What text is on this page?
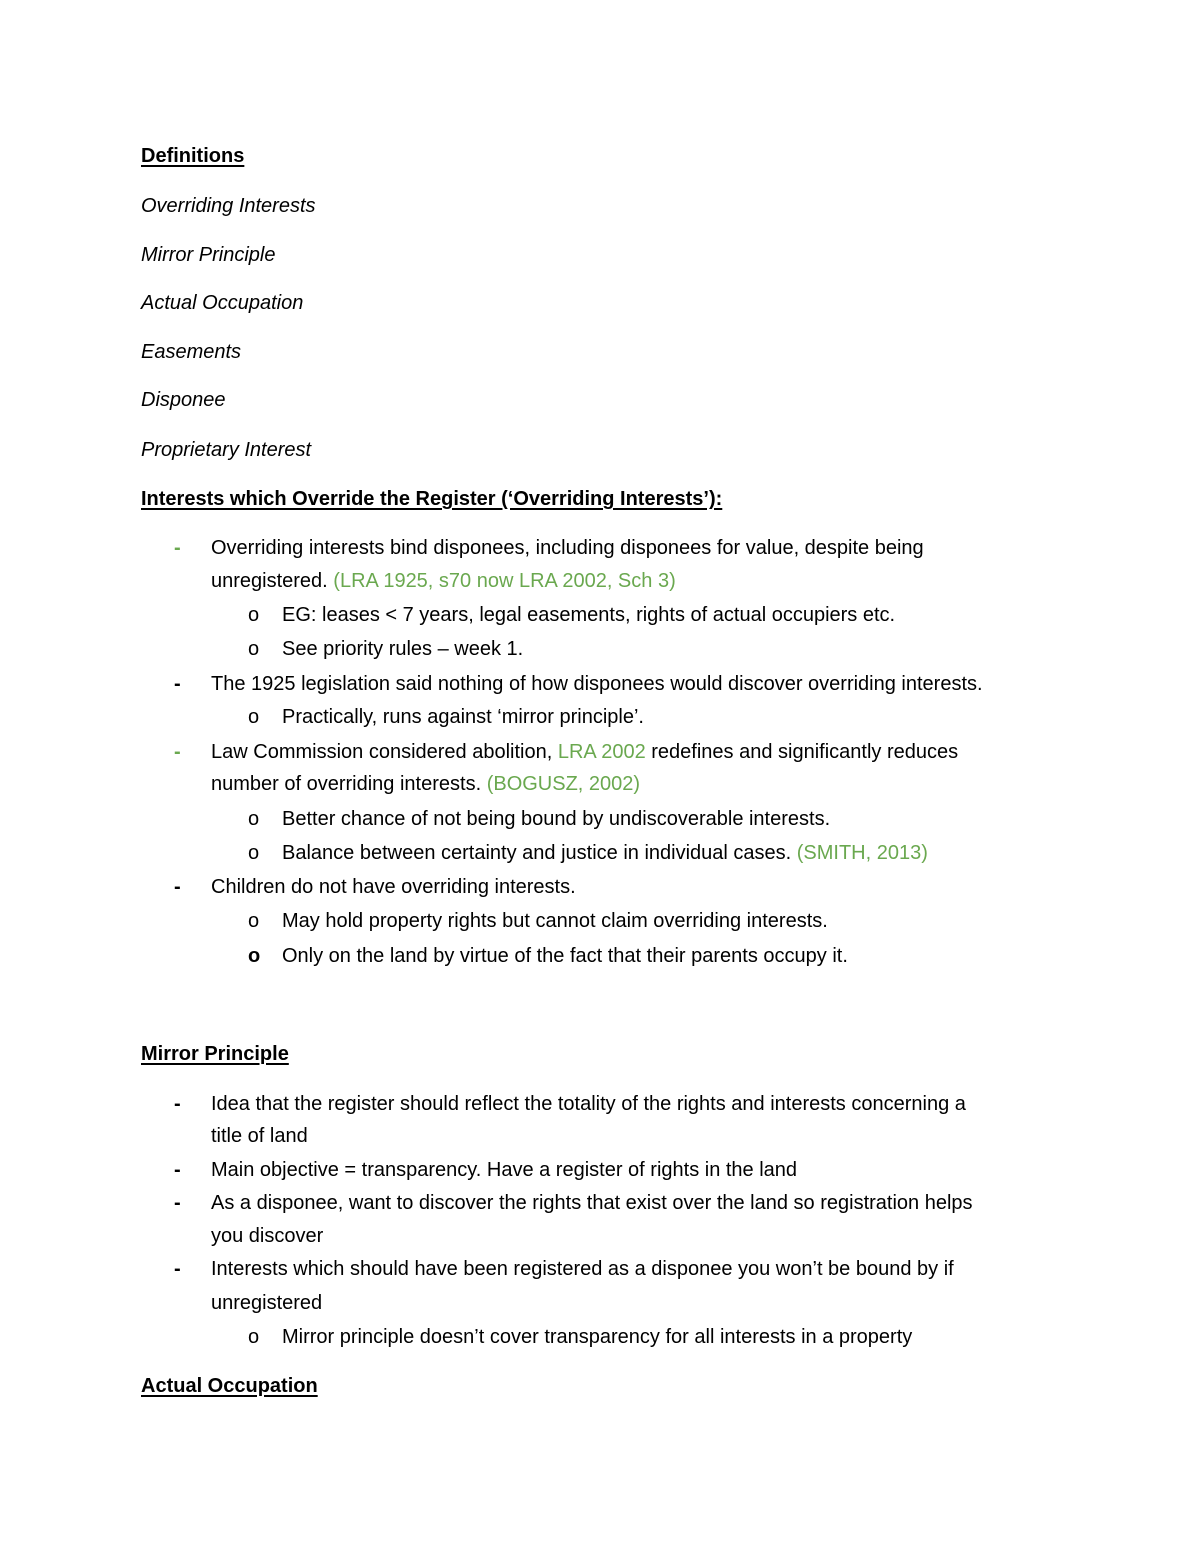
Definitions
Overriding Interests
Mirror Principle
Actual Occupation
Easements
Disponee
Proprietary Interest
Interests which Override the Register (‘Overriding Interests’):
- Overriding interests bind disponees, including disponees for value, despite being
unregistered. (LRA 1925, s70 now LRA 2002, Sch 3)
o EG: leases < 7 years, legal easements, rights of actual occupiers etc.
o See priority rules – week 1.
- The 1925 legislation said nothing of how disponees would discover overriding interests.
o Practically, runs against ‘mirror principle’.
- Law Commission considered abolition, LRA 2002 redefines and significantly reduces
number of overriding interests. (BOGUSZ, 2002)
o Better chance of not being bound by undiscoverable interests.
o Balance between certainty and justice in individual cases. (SMITH, 2013)
- Children do not have overriding interests.
o May hold property rights but cannot claim overriding interests.
o Only on the land by virtue of the fact that their parents occupy it.
Mirror Principle
- Idea that the register should reflect the totality of the rights and interests concerning a
title of land
- Main objective = transparency. Have a register of rights in the land
- As a disponee, want to discover the rights that exist over the land so registration helps
you discover
- Interests which should have been registered as a disponee you won’t be bound by if
unregistered
o Mirror principle doesn’t cover transparency for all interests in a property
Actual Occupation
